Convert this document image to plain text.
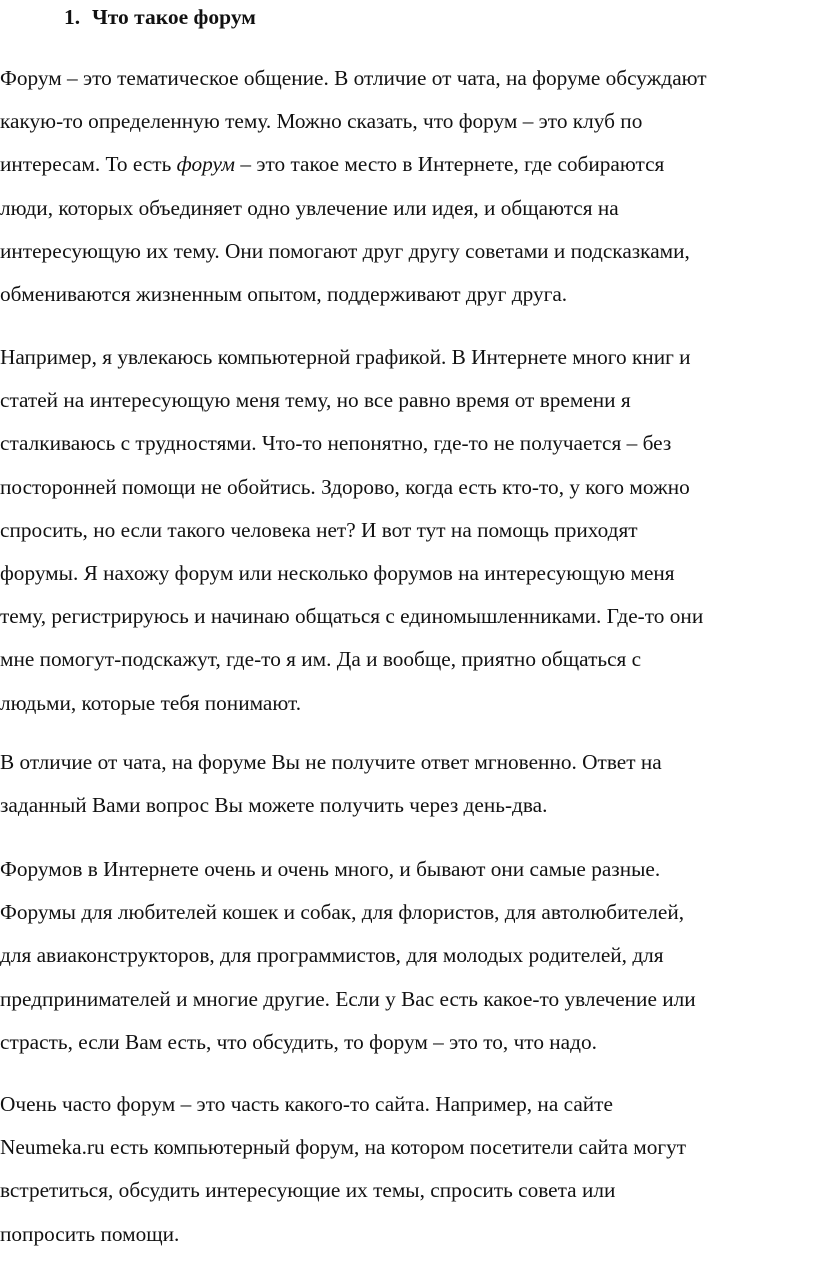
1. Что такое форум

Форум – это тематическое общение. В отличие от чата, на форуме обсуждают
какую-то определенную тему. Можно сказать, что форум – это клуб по
интересам. То есть форум – это такое место в Интернете, где собираются
люди, которых объединяет одно увлечение или идея, и общаются на
интересующую их тему. Они помогают друг другу советами и подсказками,
обмениваются жизненным опытом, поддерживают друг друга.

Например, я увлекаюсь компьютерной графикой. В Интернете много книг и
статей на интересующую меня тему, но все равно время от времени я
сталкиваюсь с трудностями. Что-то непонятно, где-то не получается – без
посторонней помощи не обойтись. Здорово, когда есть кто-то, у кого можно
спросить, но если такого человека нет? И вот тут на помощь приходят
форумы. Я нахожу форум или несколько форумов на интересующую меня
тему, регистрируюсь и начинаю общаться с единомышленниками. Где-то они
мне помогут-подскажут, где-то я им. Да и вообще, приятно общаться с
людьми, которые тебя понимают.

В отличие от чата, на форуме Вы не получите ответ мгновенно. Ответ на
заданный Вами вопрос Вы можете получить через день-два.

Форумов в Интернете очень и очень много, и бывают они самые разные.
Форумы для любителей кошек и собак, для флористов, для автолюбителей,
для авиаконструкторов, для программистов, для молодых родителей, для
предпринимателей и многие другие. Если у Вас есть какое-то увлечение или
страсть, если Вам есть, что обсудить, то форум – это то, что надо.

Очень часто форум – это часть какого-то сайта. Например, на сайте
Neumeka.ru есть компьютерный форум, на котором посетители сайта могут
встретиться, обсудить интересующие их темы, спросить совета или
попросить помощи.
